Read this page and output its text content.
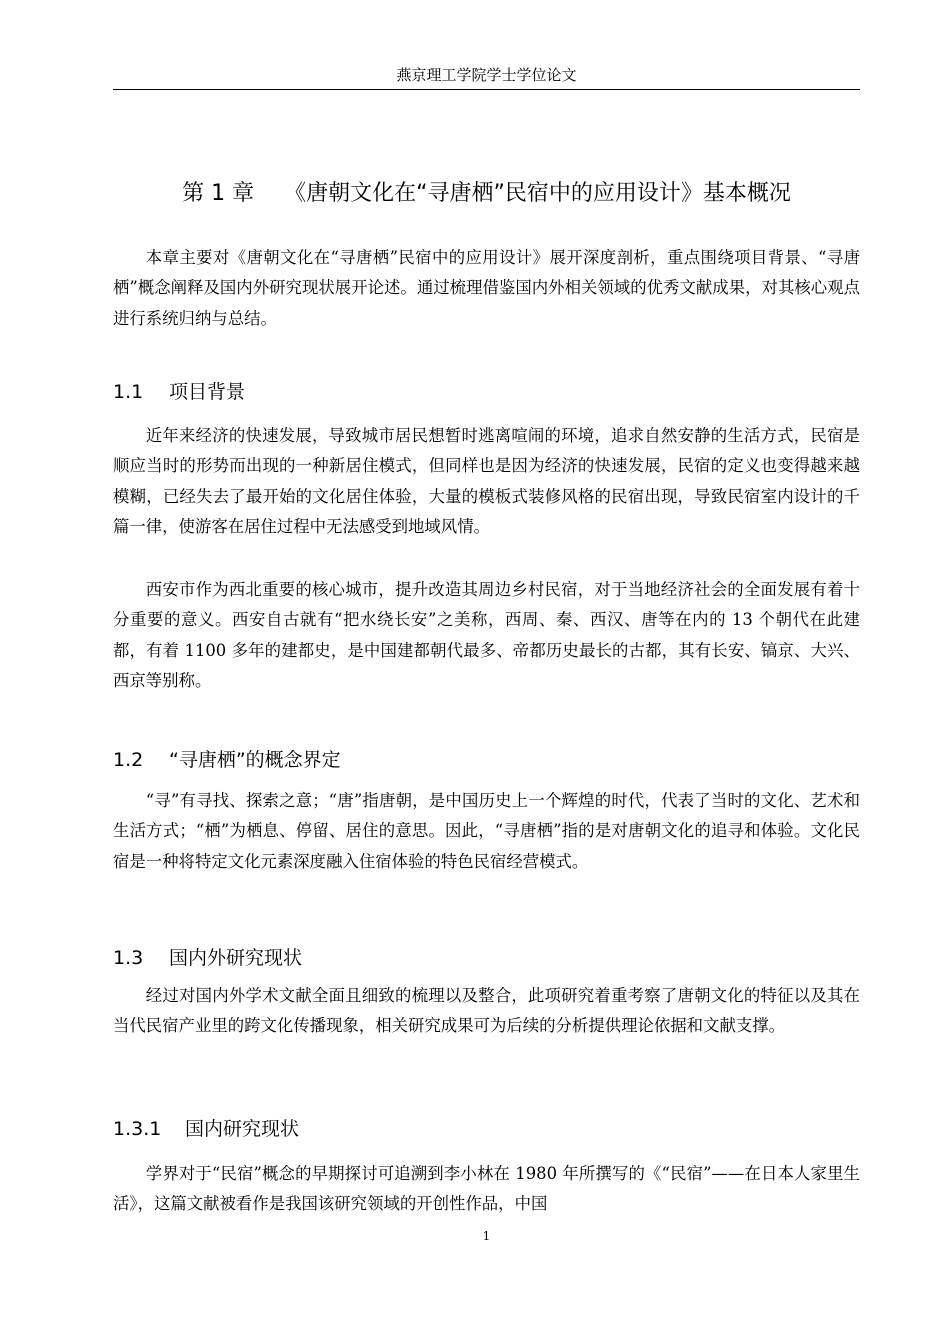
燕京理工学院学士学位论文
第 1 章 《唐朝文化在“寻唐栖”民宿中的应用设计》基本概况

本章主要对《唐朝文化在“寻唐栖”民宿中的应用设计》展开深度剖析，重点围绕项目背景、“寻唐栖”概念阐释及国内外研究现状展开论述。通过梳理借鉴国内外相关领域的优秀文献成果，对其核心观点进行系统归纳与总结。

1.1 项目背景

近年来经济的快速发展，导致城市居民想暂时逃离喧闹的环境，追求自然安静的生活方式，民宿是顺应当时的形势而出现的一种新居住模式，但同样也是因为经济的快速发展，民宿的定义也变得越来越模糊，已经失去了最开始的文化居住体验，大量的模板式装修风格的民宿出现，导致民宿室内设计的千篇一律，使游客在居住过程中无法感受到地域风情。

西安市作为西北重要的核心城市，提升改造其周边乡村民宿，对于当地经济社会的全面发展有着十分重要的意义。西安自古就有“把水绕长安”之美称，西周、秦、西汉、唐等在内的 13 个朝代在此建都，有着 1100 多年的建都史，是中国建都朝代最多、帝都历史最长的古都，其有长安、镐京、大兴、西京等别称。

1.2 “寻唐栖”的概念界定

“寻”有寻找、探索之意；“唐”指唐朝，是中国历史上一个辉煌的时代，代表了当时的文化、艺术和生活方式；“栖”为栖息、停留、居住的意思。因此，“寻唐栖”指的是对唐朝文化的追寻和体验。文化民宿是一种将特定文化元素深度融入住宿体验的特色民宿经营模式。

1.3 国内外研究现状

经过对国内外学术文献全面且细致的梳理以及整合，此项研究着重考察了唐朝文化的特征以及其在当代民宿产业里的跨文化传播现象，相关研究成果可为后续的分析提供理论依据和文献支撑。

1.3.1 国内研究现状

学界对于“民宿”概念的早期探讨可追溯到李小林在 1980 年所撰写的《“民宿”——在日本人家里生活》，这篇文献被看作是我国该研究领域的开创性作品，中国

1
